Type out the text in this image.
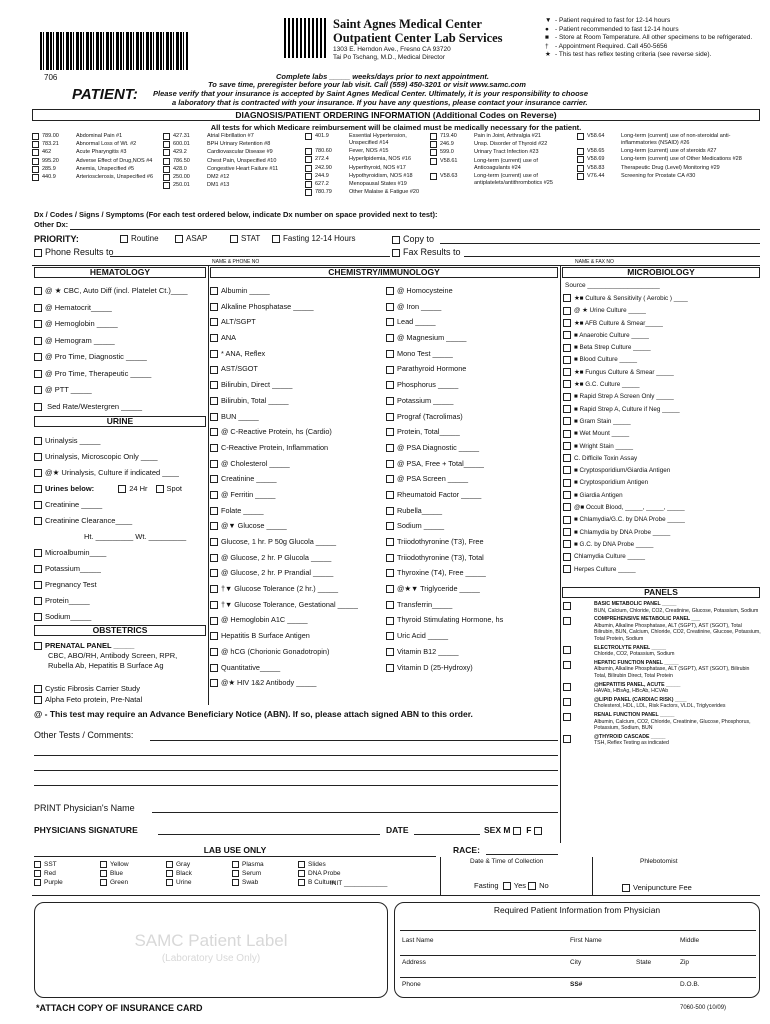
706
Saint Agnes Medical Center
Outpatient Center Lab Services
1303 E. Herndon Ave., Fresno CA 93720
Tai Po Tschang, M.D., Medical Director
▼ - Patient required to fast for 12-14 hours
● - Patient recommended to fast 12-14 hours
■ - Store at Room Temperature. All other specimens to be refrigerated.
† - Appointment Required. Call 450-5656
★ - This test has reflex testing criteria (see reverse side).
Complete labs _____ weeks/days prior to next appointment.
To save time, preregister before your lab visit. Call (559) 450-3201 or visit www.samc.com
PATIENT: Please verify that your insurance is accepted by Saint Agnes Medical Center. Ultimately, it is your responsibility to choose
a laboratory that is contracted with your insurance. If you have any questions, please contact your insurance carrier.
DIAGNOSIS/PATIENT ORDERING INFORMATION (Additional Codes on Reverse)
All tests for which Medicare reimbursement will be claimed must be medically necessary for the patient.
789.00	Abdominal Pain #1
783.21	Abnormal Loss of Wt. #2
462	Acute Pharyngitis #3
995.20	Adverse Effect of Drug,NOS #4
285.9	Anemia, Unspecified #5
440.9	Arteriosclerosis, Unspecified #6
427.31	Atrial Fibrillation #7
600.01	BPH Urinary Retention #8
429.2	Cardiovascular Disease #9
786.50	Chest Pain, Unspecified #10
428.0	Congestive Heart Failure #11
250.00	DM2 #12
250.01	DM1 #13
401.9	Essential Hypertension, Unspecified #14
780.60	Fever, NOS #15
272.4	Hyperlipidemia, NOS #16
242.90	Hyperthyroid, NOS #17
244.9	Hypothyroidism, NOS #18
627.2	Menopausal States #19
780.79	Other Malaise & Fatigue #20
719.40	Pain in Joint, Arthralgia #21
246.9	Unsp. Disorder of Thyroid #22
599.0	Urinary Tract Infection #23
V58.61	Long-term (current) use of Anticoagulants #24
V58.63	Long-term (current) use of antiplatelets/antithrombotics #25
V58.64	Long-term (current) use of non-steroidal anti-inflammatories (NSAID) #26
V58.65	Long-term (current) use of steroids #27
V58.69	Long-term (current) use of Other Medications #28
V58.83	Therapeutic Drug (Level) Monitoring #29
V76.44	Screening for Prostate CA #30
Dx / Codes / Signs / Symptoms (For each test ordered below, indicate Dx number on space provided next to test):
Other Dx:
PRIORITY:	Routine	ASAP	STAT	Fasting 12-14 Hours	Copy to
Phone Results to	Fax Results to
NAME & PHONE NO	NAME & FAX NO
HEMATOLOGY	CHEMISTRY/IMMUNOLOGY	MICROBIOLOGY
@ ★ CBC, Auto Diff (incl. Platelet Ct.)____
@ Hematocrit_____
@ Hemoglobin _____
@ Hemogram _____
@ Pro Time, Diagnostic _____
@ Pro Time, Therapeutic _____
@ PTT _____
Sed Rate/Westergren _____
URINE
Urinalysis _____
Urinalysis, Microscopic Only ____
@★ Urinalysis, Culture if indicated ____
Urines below:	24 Hr	Spot
Creatinine _____
Creatinine Clearance____
Ht. _________ Wt. _________
Microalbumin____
Potassium_____
Pregnancy Test
Protein_____
Sodium_____
OBSTETRICS
PRENATAL PANEL _____
CBC, ABO/RH, Antibody Screen, RPR,
Rubella Ab, Hepatitis B Surface Ag
Cystic Fibrosis Carrier Study
Alpha Feto protein, Pre-Natal
Albumin _____
Alkaline Phosphatase _____
ALT/SGPT
ANA
* ANA, Reflex
AST/SGOT
Bilirubin, Direct _____
Bilirubin, Total _____
BUN _____
@ C-Reactive Protein, hs (Cardio)
C-Reactive Protein, Inflammation
@ Cholesterol _____
Creatinine _____
@ Ferritin _____
Folate _____
@▼ Glucose _____
Glucose, 1 hr. P 50g Glucola _____
@ Glucose, 2 hr. P Glucola _____
@ Glucose, 2 hr. P Prandial _____
†▼ Glucose Tolerance (2 hr.) _____
†▼ Glucose Tolerance, Gestational _____
@ Hemoglobin A1C _____
Hepatitis B Surface Antigen
@ hCG (Chorionic Gonadotropin)
Quantitative_____
@★ HIV 1&2 Antibody _____
@ Homocysteine
@ Iron _____
Lead _____
@ Magnesium _____
Mono Test _____
Parathyroid Hormone
Phosphorus _____
Potassium _____
Prograf (Tacrolimas)
Protein, Total_____
@ PSA Diagnostic _____
@ PSA, Free + Total_____
@ PSA Screen _____
Rheumatoid Factor _____
Rubella_____
Sodium _____
Triiodothyronine (T3), Free
Triiodothyronine (T3), Total
Thyroxine (T4), Free _____
@★▼ Triglyceride _____
Transferrin_____
Thyroid Stimulating Hormone, hs
Uric Acid _____
Vitamin B12 _____
Vitamin D (25-Hydroxy)
Source ____________________
★■ Culture & Sensitivity ( Aerobic ) ____
@ ★ Urine Culture _____
★■ AFB Culture & Smear_____
■ Anaerobic Culture _____
■ Beta Strep Culture _____
■ Blood Culture _____
★■ Fungus Culture & Smear _____
★■ G.C. Culture _____
■ Rapid Strep A Screen Only _____
■ Rapid Strep A, Culture if Neg _____
■ Gram Stain _____
■ Wet Mount _____
■ Wright Stain _____
C. Difficile Toxin Assay
■ Cryptosporidium/Giardia Antigen
■ Cryptosporidium Antigen
■ Giardia Antigen
@■ Occult Blood, _____, _____, _____
■ Chlamydia/G.C. by DNA Probe _____
■ Chlamydia by DNA Probe _____
■ G.C. by DNA Probe _____
Chlamydia Culture _____
Herpes Culture _____
PANELS
BASIC METABOLIC PANEL _____
BUN, Calcium, Chloride, CO2, Creatinine, Glucose, Potassium, Sodium
COMPREHENSIVE METABOLIC PANEL ___
Albumin, Alkaline Phosphatase, ALT (SGPT), AST (SGOT), Total Bilirubin, BUN, Calcium, Chloride, CO2, Creatinine, Glucose, Potassium, Total Protein, Sodium
ELECTROLYTE PANEL _____
Chloride, CO2, Potassium, Sodium
HEPATIC FUNCTION PANEL _____
Albumin, Alkaline Phosphatase, ALT (SGPT), AST (SGOT), Bilirubin Total, Bilirubin Direct, Total Protein
@HEPATITIS PANEL, ACUTE _____
HAVAb, HBsAg, HBcAb, HCVAb
@LIPID PANEL (CARDIAC RISK) ____
Cholesterol, HDL, LDL, Risk Factors, VLDL, Triglycerides
RENAL FUNCTION PANEL _____
Albumin, Calcium, CO2, Chloride, Creatinine, Glucose, Phosphorus, Potassium, Sodium, BUN
@THYROID CASCADE _____
TSH, Reflex Testing as indicated
@ - This test may require an Advance Beneficiary Notice (ABN). If so, please attach signed ABN to this order.
Other Tests / Comments:
PRINT Physician's Name
PHYSICIANS SIGNATURE	DATE	SEX M F
RACE:
LAB USE ONLY
SST
Red
Purple
Yellow
Blue
Green
Gray
Black
Urine
Plasma
Serum
Swab
Slides
DNA Probe
B Culture
INIT ____________
Date & Time of Collection	Phlebotomist
Fasting Yes No	Venipuncture Fee
SAMC Patient Label
(Laboratory Use Only)
Required Patient Information from Physician
Last Name	First Name	Middle
Address	City	State	Zip
Phone	SS#	D.O.B.
*ATTACH COPY OF INSURANCE CARD	7060-500 (10/09)
